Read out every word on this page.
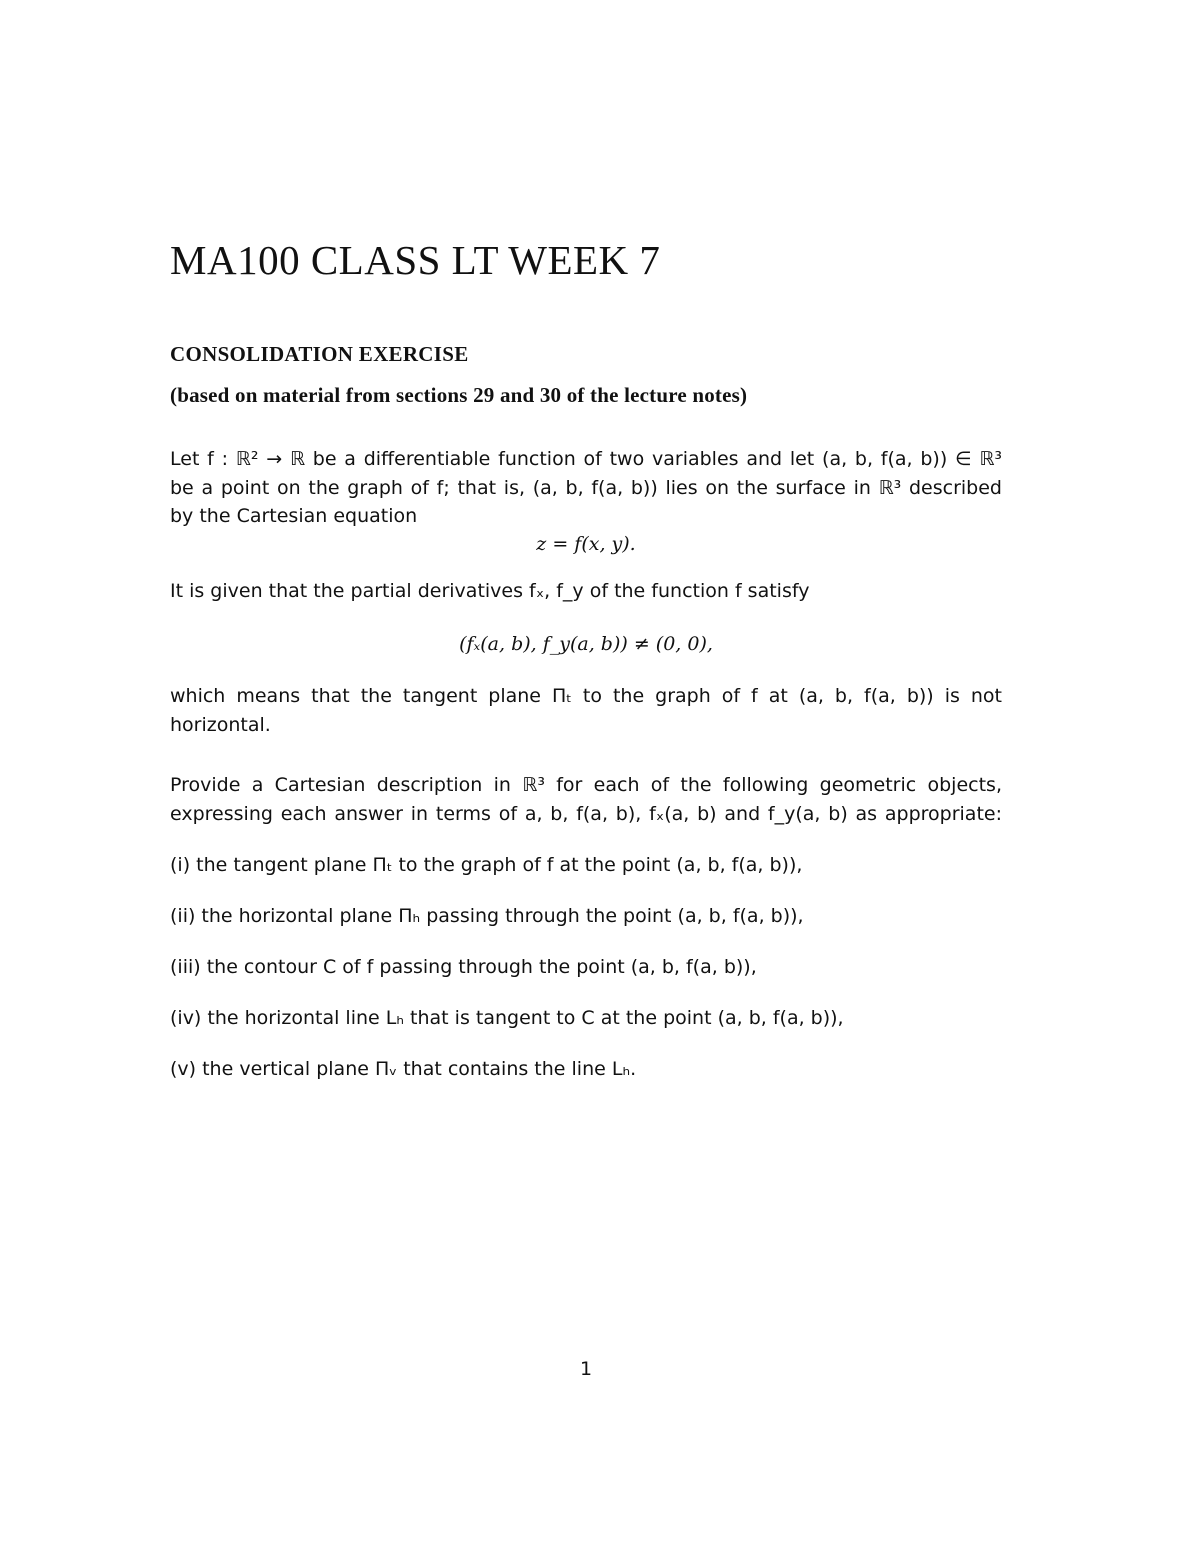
MA100 CLASS LT WEEK 7
CONSOLIDATION EXERCISE
(based on material from sections 29 and 30 of the lecture notes)
Let f : ℝ² → ℝ be a differentiable function of two variables and let (a, b, f(a, b)) ∈ ℝ³
be a point on the graph of f; that is, (a, b, f(a, b)) lies on the surface in ℝ³ described
by the Cartesian equation
z = f(x, y).
It is given that the partial derivatives fₓ, f_y of the function f satisfy
(fₓ(a, b), f_y(a, b)) ≠ (0, 0),
which means that the tangent plane Πₜ to the graph of f at (a, b, f(a, b)) is not
horizontal.
Provide a Cartesian description in ℝ³ for each of the following geometric objects,
expressing each answer in terms of a, b, f(a, b), fₓ(a, b) and f_y(a, b) as appropriate:
(i) the tangent plane Πₜ to the graph of f at the point (a, b, f(a, b)),
(ii) the horizontal plane Πₕ passing through the point (a, b, f(a, b)),
(iii) the contour C of f passing through the point (a, b, f(a, b)),
(iv) the horizontal line Lₕ that is tangent to C at the point (a, b, f(a, b)),
(v) the vertical plane Πᵥ that contains the line Lₕ.
1
